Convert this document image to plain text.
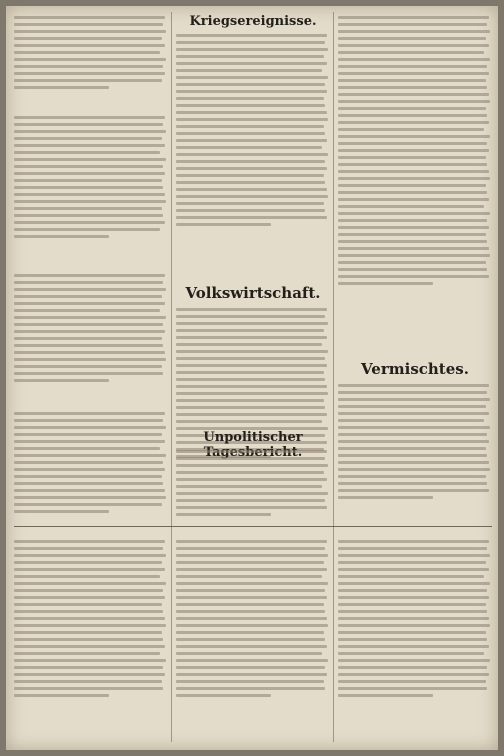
Kriegsereignisse.
Volkswirtschaft.
Unpolitischer
Vermischtes.
